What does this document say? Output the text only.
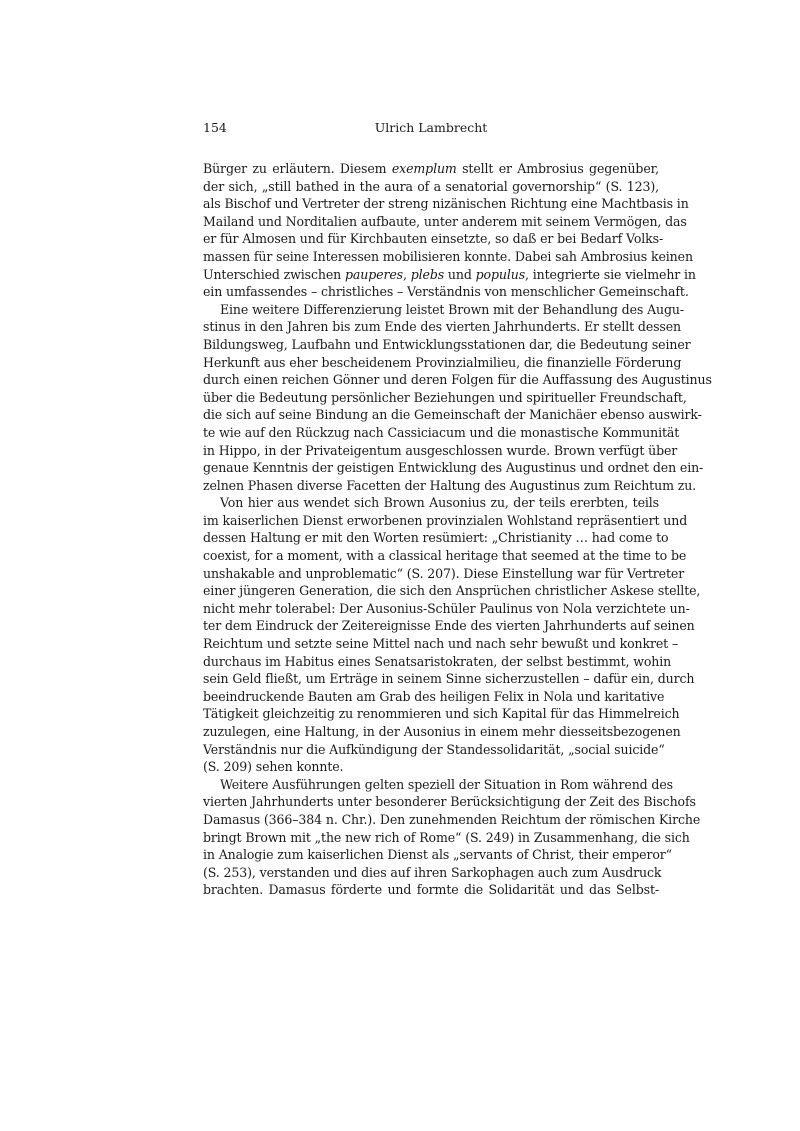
154	Ulrich Lambrecht

Bürger zu erläutern. Diesem exemplum stellt er Ambrosius gegenüber,
der sich, „still bathed in the aura of a senatorial governorship“ (S. 123),
als Bischof und Vertreter der streng nizänischen Richtung eine Machtbasis in
Mailand und Norditalien aufbaute, unter anderem mit seinem Vermögen, das
er für Almosen und für Kirchbauten einsetzte, so daß er bei Bedarf Volks-
massen für seine Interessen mobilisieren konnte. Dabei sah Ambrosius keinen
Unterschied zwischen pauperes, plebs und populus, integrierte sie vielmehr in
ein umfassendes – christliches – Verständnis von menschlicher Gemeinschaft.

Eine weitere Differenzierung leistet Brown mit der Behandlung des Augu-
stinus in den Jahren bis zum Ende des vierten Jahrhunderts. Er stellt dessen
Bildungsweg, Laufbahn und Entwicklungsstationen dar, die Bedeutung seiner
Herkunft aus eher bescheidenem Provinzialmilieu, die finanzielle Förderung
durch einen reichen Gönner und deren Folgen für die Auffassung des Augustinus
über die Bedeutung persönlicher Beziehungen und spiritueller Freundschaft,
die sich auf seine Bindung an die Gemeinschaft der Manichäer ebenso auswirk-
te wie auf den Rückzug nach Cassiciacum und die monastische Kommunität
in Hippo, in der Privateigentum ausgeschlossen wurde. Brown verfügt über
genaue Kenntnis der geistigen Entwicklung des Augustinus und ordnet den ein-
zelnen Phasen diverse Facetten der Haltung des Augustinus zum Reichtum zu.

Von hier aus wendet sich Brown Ausonius zu, der teils ererbten, teils
im kaiserlichen Dienst erworbenen provinzialen Wohlstand repräsentiert und
dessen Haltung er mit den Worten resümiert: „Christianity … had come to
coexist, for a moment, with a classical heritage that seemed at the time to be
unshakable and unproblematic“ (S. 207). Diese Einstellung war für Vertreter
einer jüngeren Generation, die sich den Ansprüchen christlicher Askese stellte,
nicht mehr tolerabel: Der Ausonius-Schüler Paulinus von Nola verzichtete un-
ter dem Eindruck der Zeitereignisse Ende des vierten Jahrhunderts auf seinen
Reichtum und setzte seine Mittel nach und nach sehr bewußt und konkret –
durchaus im Habitus eines Senatsaristokraten, der selbst bestimmt, wohin
sein Geld fließt, um Erträge in seinem Sinne sicherzustellen – dafür ein, durch
beeindruckende Bauten am Grab des heiligen Felix in Nola und karitative
Tätigkeit gleichzeitig zu renommieren und sich Kapital für das Himmelreich
zuzulegen, eine Haltung, in der Ausonius in einem mehr diesseitsbezogenen
Verständnis nur die Aufkündigung der Standessolidarität, „social suicide“
(S. 209) sehen konnte.

Weitere Ausführungen gelten speziell der Situation in Rom während des
vierten Jahrhunderts unter besonderer Berücksichtigung der Zeit des Bischofs
Damasus (366–384 n. Chr.). Den zunehmenden Reichtum der römischen Kirche
bringt Brown mit „the new rich of Rome“ (S. 249) in Zusammenhang, die sich
in Analogie zum kaiserlichen Dienst als „servants of Christ, their emperor“
(S. 253), verstanden und dies auf ihren Sarkophagen auch zum Ausdruck
brachten. Damasus förderte und formte die Solidarität und das Selbst-
